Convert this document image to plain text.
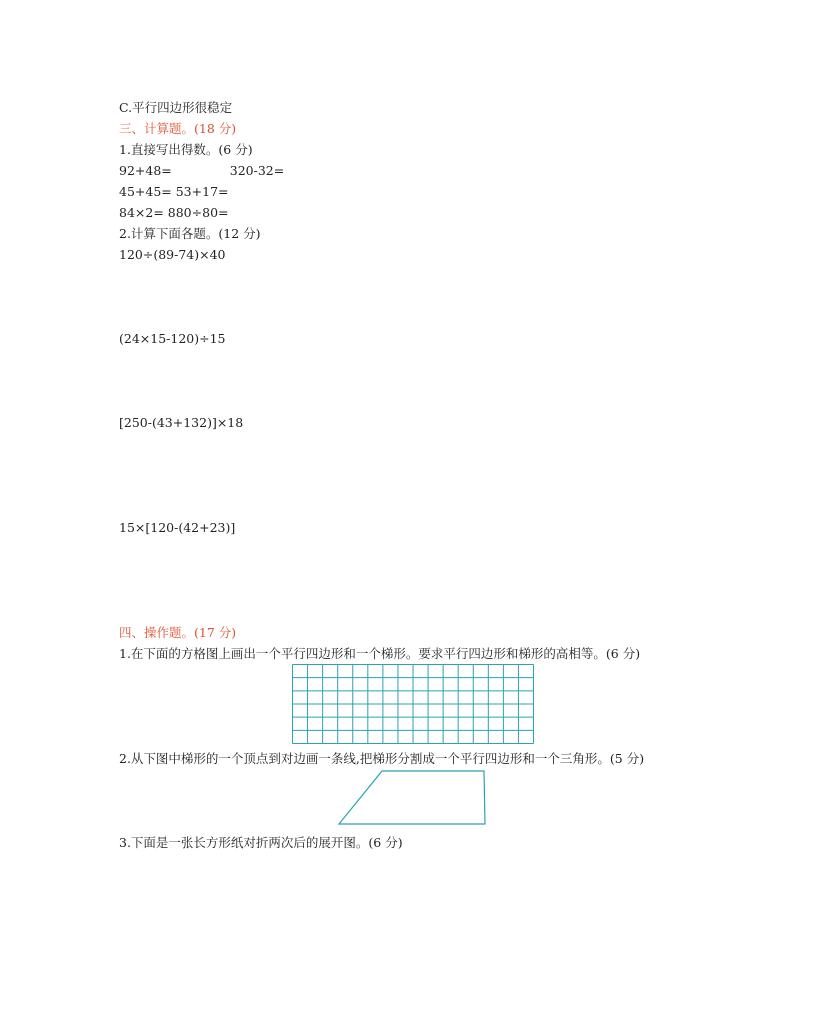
C.平行四边形很稳定
三、计算题。(18 分)
1.直接写出得数。(6 分)
92+48=	320-32=
45+45= 53+17=
84×2= 880÷80=
2.计算下面各题。(12 分)
120÷(89-74)×40
(24×15-120)÷15
[250-(43+132)]×18
15×[120-(42+23)]
四、操作题。(17 分)
1.在下面的方格图上画出一个平行四边形和一个梯形。要求平行四边形和梯形的高相等。(6 分)
2.从下图中梯形的一个顶点到对边画一条线,把梯形分割成一个平行四边形和一个三角形。(5 分)
3.下面是一张长方形纸对折两次后的展开图。(6 分)
